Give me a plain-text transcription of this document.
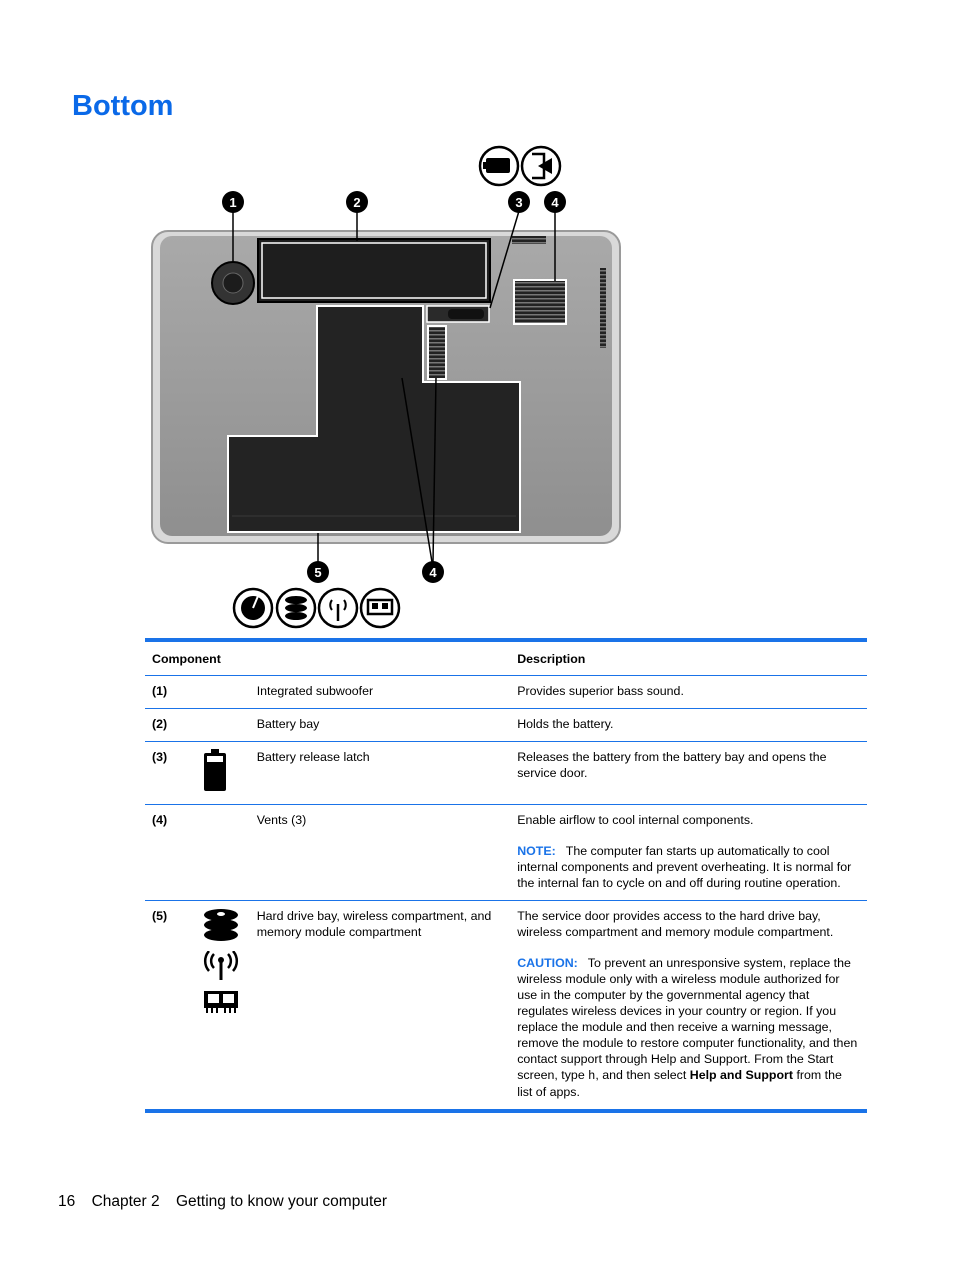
Bottom
1	2	3 4
4
5
Component			Description
(1)		Integrated subwoofer	Provides superior bass sound.
(2)		Battery bay	Holds the battery.
(3)		Battery release latch	Releases the battery from the battery bay and opens the service door.
(4)		Vents (3)	Enable airflow to cool internal components.

NOTE: The computer fan starts up automatically to cool internal components and prevent overheating. It is normal for the internal fan to cycle on and off during routine operation.

(5)		Hard drive bay, wireless compartment, and memory module compartment	The service door provides access to the hard drive bay, wireless compartment and memory module compartment.

CAUTION: To prevent an unresponsive system, replace the wireless module only with a wireless module authorized for use in the computer by the governmental agency that regulates wireless devices in your country or region. If you replace the module and then receive a warning message, remove the module to restore computer functionality, and then contact support through Help and Support. From the Start screen, type h, and then select Help and Support from the list of apps.

16 Chapter 2 Getting to know your computer
